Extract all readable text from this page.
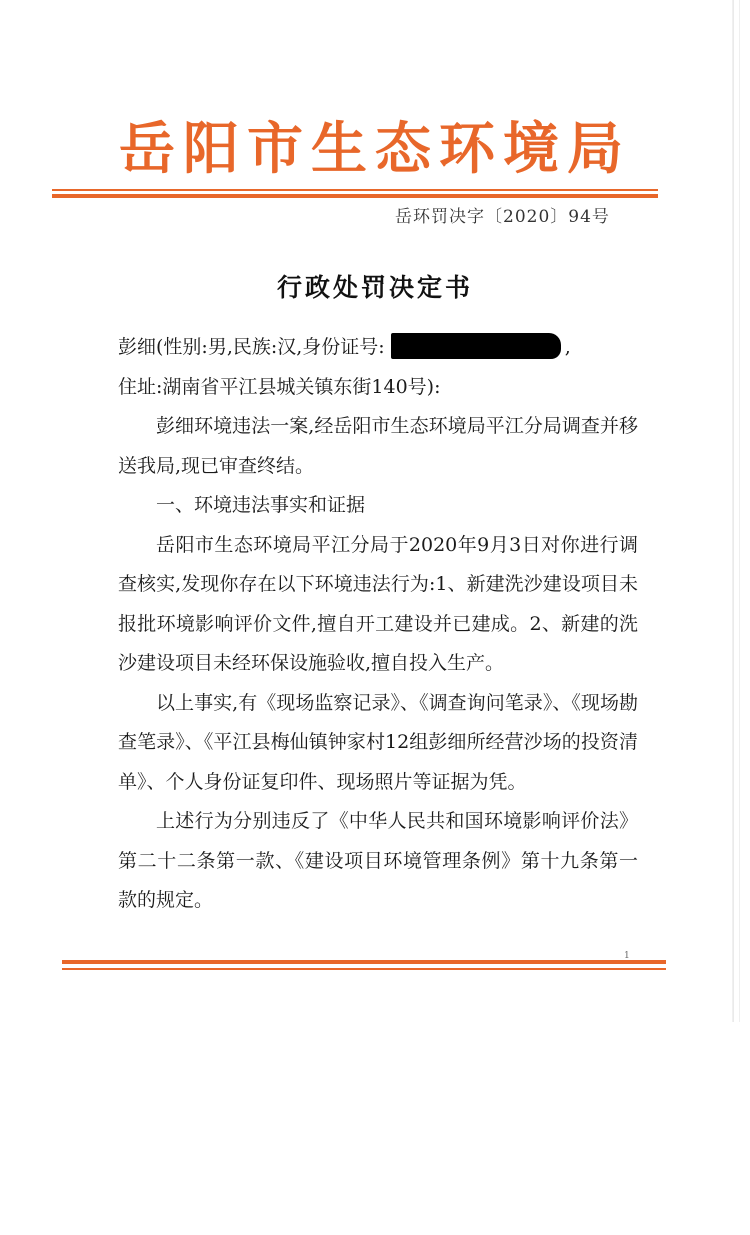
岳阳市生态环境局
岳环罚决字〔2020〕94号
行政处罚决定书

彭细(性别:男,民族:汉,身份证号:	,

住址:湖南省平江县城关镇东街140号):

彭细环境违法一案,经岳阳市生态环境局平江分局调查并移送我局,现已审查终结。

一、环境违法事实和证据

岳阳市生态环境局平江分局于2020年9月3日对你进行调查核实,发现你存在以下环境违法行为:1、新建洗沙建设项目未报批环境影响评价文件,擅自开工建设并已建成。2、新建的洗沙建设项目未经环保设施验收,擅自投入生产。

以上事实,有《现场监察记录》、《调查询问笔录》、《现场勘查笔录》、《平江县梅仙镇钟家村12组彭细所经营沙场的投资清单》、个人身份证复印件、现场照片等证据为凭。

上述行为分别违反了《中华人民共和国环境影响评价法》第二十二条第一款、《建设项目环境管理条例》第十九条第一款的规定。

1
